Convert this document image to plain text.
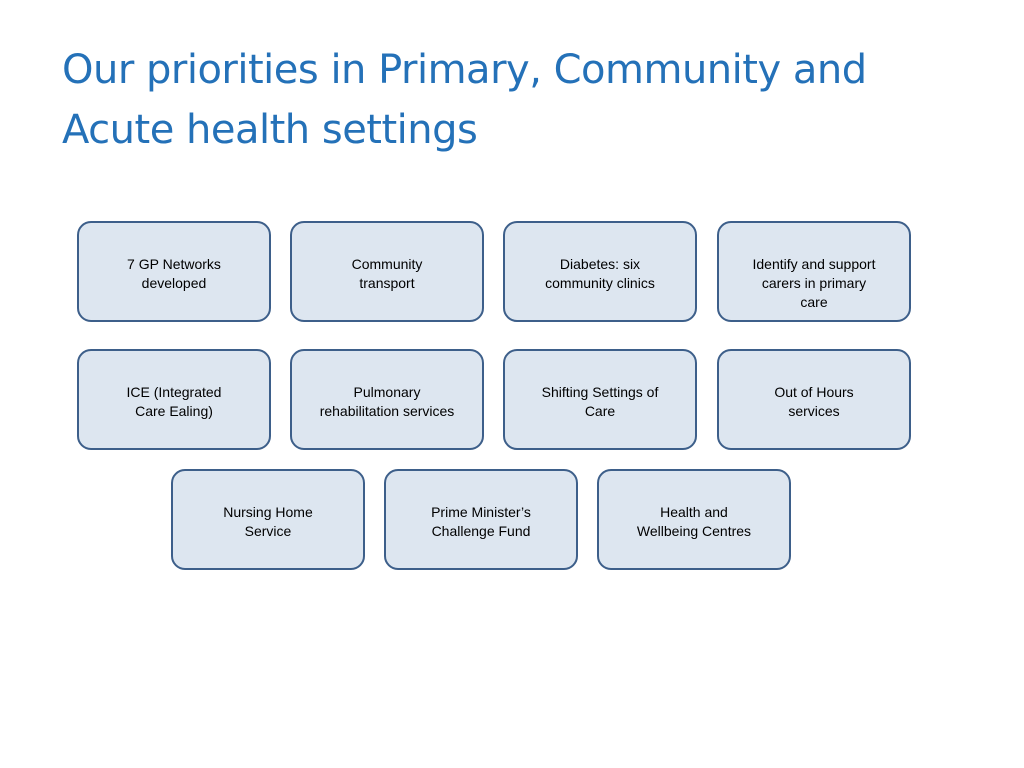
Our priorities in Primary, Community and
Acute health settings
7 GP Networks
developed
Community
transport
Diabetes: six
community clinics
Identify and support
carers in primary
care
ICE (Integrated
Care Ealing)
Pulmonary
rehabilitation services
Shifting Settings of
Care
Out of Hours
services
Nursing Home
Service
Prime Minister’s
Challenge Fund
Health and
Wellbeing Centres
